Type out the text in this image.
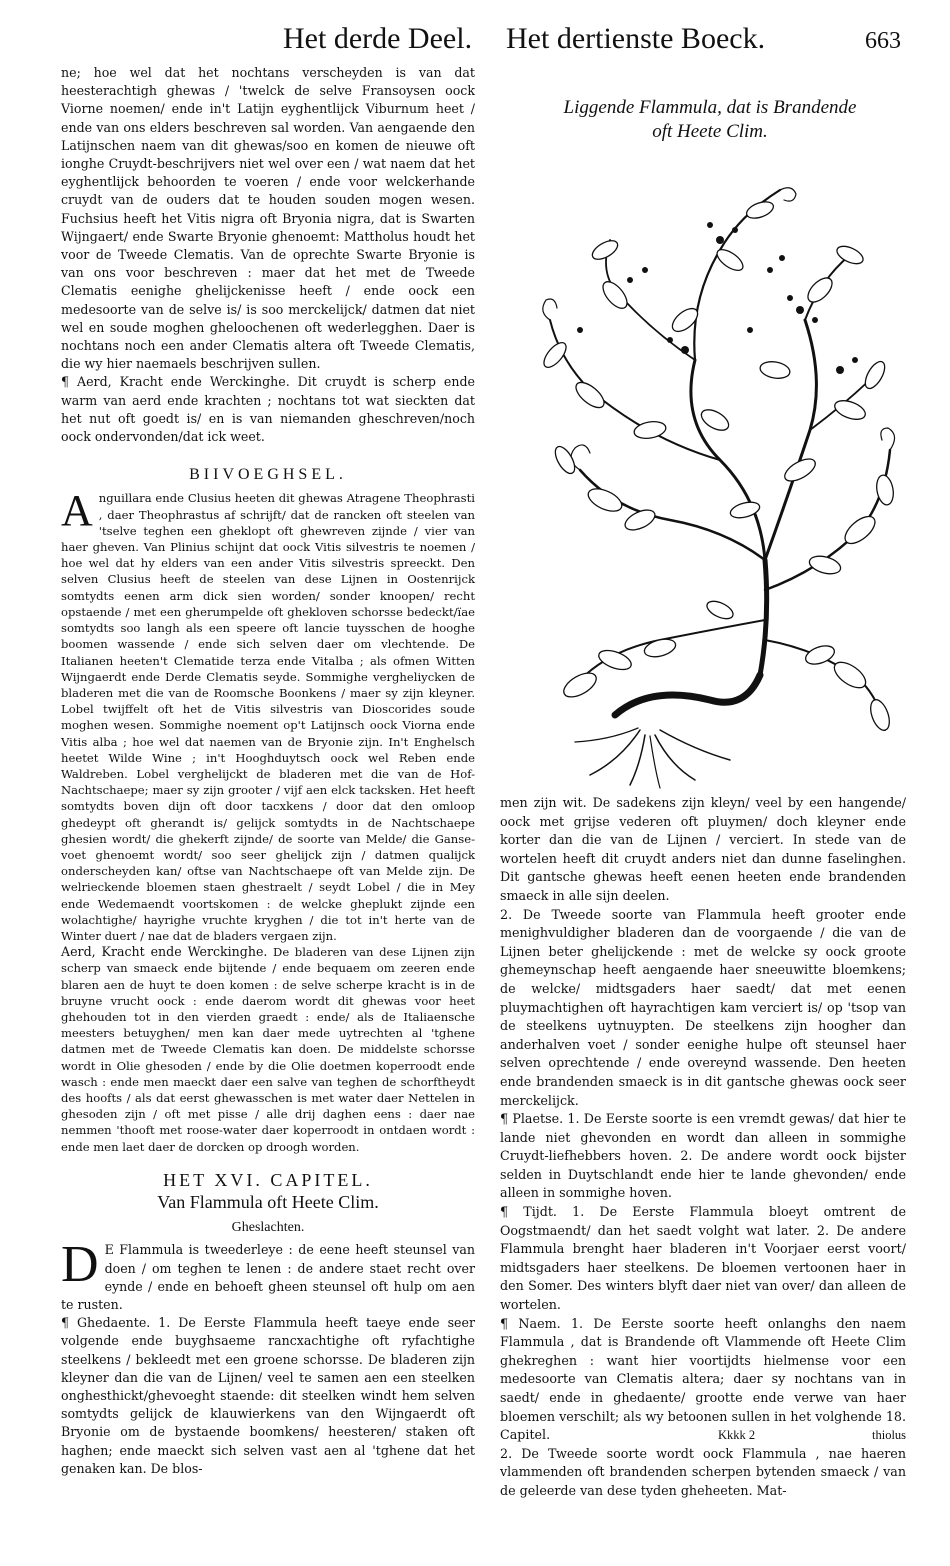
Het derde Deel. Het dertienste Boeck.	663

ne; hoe wel dat het nochtans verscheyden is van dat heesterachtigh ghewas / 'twelck de selve Fransoysen oock Viorne noemen/ ende in't Latijn eyghentlijck Viburnum heet / ende van ons elders beschreven sal worden. Van aengaende den Latijnschen naem van dit ghewas/soo en komen de nieuwe oft ionghe Cruydt-beschrijvers niet wel over een / wat naem dat het eyghentlijck behoorden te voeren / ende voor welckerhande cruydt van de ouders dat te houden souden mogen wesen. Fuchsius heeft het Vitis nigra oft Bryonia nigra, dat is Swarten Wijngaert/ ende Swarte Bryonie ghenoemt: Mattholus houdt het voor de Tweede Clematis. Van de oprechte Swarte Bryonie is van ons voor beschreven : maer dat het met de Tweede Clematis eenighe ghelijckenisse heeft / ende oock een medesoorte van de selve is/ is soo merckelijck/ datmen dat niet wel en soude moghen gheloochenen oft wederlegghen. Daer is nochtans noch een ander Clematis altera oft Tweede Clematis, die wy hier naemaels beschrijven sullen.

¶ Aerd, Kracht ende Werckinghe. Dit cruydt is scherp ende warm van aerd ende krachten ; nochtans tot wat sieckten dat het nut oft goedt is/ en is van niemanden gheschreven/noch oock ondervonden/dat ick weet.

BIIVOEGHSEL.

Anguillara ende Clusius heeten dit ghewas Atragene Theophrasti , daer Theophrastus af schrijft/ dat de rancken oft steelen van 'tselve teghen een gheklopt oft ghewreven zijnde / vier van haer gheven. Van Plinius schijnt dat oock Vitis silvestris te noemen / hoe wel dat hy elders van een ander Vitis silvestris spreeckt. Den selven Clusius heeft de steelen van dese Lijnen in Oostenrijck somtydts eenen arm dick sien worden/ sonder knoopen/ recht opstaende / met een gherumpelde oft ghekloven schorsse bedeckt/ïae somtydts soo langh als een speere oft lancie tuysschen de hooghe boomen wassende / ende sich selven daer om vlechtende. De Italianen heeten't Clematide terza ende Vitalba ; als ofmen Witten Wijngaerdt ende Derde Clematis seyde. Sommighe vergheliycken de bladeren met die van de Roomsche Boonkens / maer sy zijn kleyner. Lobel twijffelt oft het de Vitis silvestris van Dioscorides soude moghen wesen. Sommighe noement op't Latijnsch oock Viorna ende Vitis alba ; hoe wel dat naemen van de Bryonie zijn. In't Enghelsch heetet Wilde Wine ; in't Hooghduytsch oock wel Reben ende Waldreben. Lobel verghelijckt de bladeren met die van de Hof-Nachtschaepe; maer sy zijn grooter / vijf aen elck tacksken. Het heeft somtydts boven dijn oft door tacxkens / door dat den omloop ghedeypt oft gherandt is/ gelijck somtydts in de Nachtschaepe ghesien wordt/ die ghekerft zijnde/ de soorte van Melde/ die Ganse-voet ghenoemt wordt/ soo seer ghelijck zijn / datmen qualijck onderscheyden kan/ oftse van Nachtschaepe oft van Melde zijn. De welrieckende bloemen staen ghestraelt / seydt Lobel / die in Mey ende Wedemaendt voortskomen : de welcke gheplukt zijnde een wolachtighe/ hayrighe vruchte kryghen / die tot in't herte van de Winter duert / nae dat de bladers vergaen zijn.

Aerd, Kracht ende Werckinghe. De bladeren van dese Lijnen zijn scherp van smaeck ende bijtende / ende bequaem om zeeren ende blaren aen de huyt te doen komen : de selve scherpe kracht is in de bruyne vrucht oock : ende daerom wordt dit ghewas voor heet ghehouden tot in den vierden graedt : ende/ als de Italiaensche meesters betuyghen/ men kan daer mede uytrechten al 'tghene datmen met de Tweede Clematis kan doen. De middelste schorsse wordt in Olie ghesoden / ende by die Olie doetmen koperroodt ende wasch : ende men maeckt daer een salve van teghen de schorftheydt des hoofts / als dat eerst ghewasschen is met water daer Nettelen in ghesoden zijn / oft met pisse / alle drij daghen eens : daer nae nemmen 'thooft met roose-water daer koperroodt in ontdaen wordt : ende men laet daer de dorcken op droogh worden.

HET XVI. CAPITEL.
Van Flammula oft Heete Clim.
Gheslachten.

D E Flammula is tweederleye : de eene heeft steunsel van doen / om teghen te lenen : de andere staet recht over eynde / ende en behoeft gheen steunsel oft hulp om aen te rusten.

¶ Ghedaente. 1. De Eerste Flammula heeft taeye ende seer volgende ende buyghsaeme rancxachtighe oft ryfachtighe steelkens / bekleedt met een groene schorsse. De bladeren zijn kleyner dan die van de Lijnen/ veel te samen aen een steelken onghesthickt/ghevoeght staende: dit steelken windt hem selven somtydts gelijck de klauwierkens van den Wijngaerdt oft Bryonie om de bystaende boomkens/ heesteren/ staken oft haghen; ende maeckt sich selven vast aen al 'tghene dat het genaken kan. De blos-

Liggende Flammula, dat is Brandende
oft Heete Clim.

men zijn wit. De sadekens zijn kleyn/ veel by een hangende/ oock met grijse vederen oft pluymen/ doch kleyner ende korter dan die van de Lijnen / verciert. In stede van de wortelen heeft dit cruydt anders niet dan dunne faselinghen. Dit gantsche ghewas heeft eenen heeten ende brandenden smaeck in alle sijn deelen.

2. De Tweede soorte van Flammula heeft grooter ende menighvuldigher bladeren dan de voorgaende / die van de Lijnen beter ghelijckende : met de welcke sy oock groote ghemeynschap heeft aengaende haer sneeuwitte bloemkens; de welcke/ midtsgaders haer saedt/ dat met eenen pluymachtighen oft hayrachtigen kam verciert is/ op 'tsop van de steelkens uytnuypten. De steelkens zijn hoogher dan anderhalven voet / sonder eenighe hulpe oft steunsel haer selven oprechtende / ende overeynd wassende. Den heeten ende brandenden smaeck is in dit gantsche ghewas oock seer merckelijck.

¶ Plaetse. 1. De Eerste soorte is een vremdt gewas/ dat hier te lande niet ghevonden en wordt dan alleen in sommighe Cruydt-liefhebbers hoven. 2. De andere wordt oock bijster selden in Duytschlandt ende hier te lande ghevonden/ ende alleen in sommighe hoven.

¶ Tijdt. 1. De Eerste Flammula bloeyt omtrent de Oogstmaendt/ dan het saedt volght wat later. 2. De andere Flammula brenght haer bladeren in't Voorjaer eerst voort/ midtsgaders haer steelkens. De bloemen vertoonen haer in den Somer. Des winters blyft daer niet van over/ dan alleen de wortelen.

¶ Naem. 1. De Eerste soorte heeft onlanghs den naem Flammula , dat is Brandende oft Vlammende oft Heete Clim ghekreghen : want hier voortijdts hielmense voor een medesoorte van Clematis altera; daer sy nochtans van in saedt/ ende in ghedaente/ grootte ende verwe van haer bloemen verschilt; als wy betoonen sullen in het volghende 18. Capitel.

2. De Tweede soorte wordt oock Flammula , nae haeren vlammenden oft brandenden scherpen bytenden smaeck / van de geleerde van dese tyden gheheeten. Mat-

Kkkk 2	thiolus
